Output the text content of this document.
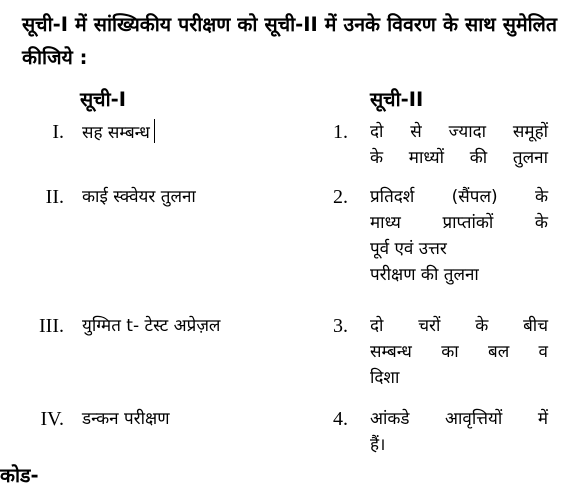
सूची-I में सांख्यिकीय परीक्षण को सूची-II में उनके विवरण के साथ सुमेलित कीजिये :
सूची-I	सूची-II
I. सह सम्बन्ध	1. दो से ज्यादा समूहों
के माध्यों की तुलना
II. काई स्क्वेयर तुलना	2. प्रतिदर्श (सैंपल) के
माध्य प्राप्तांकों के
पूर्व एवं उत्तर
परीक्षण की तुलना
III. युग्मित t- टेस्ट अप्रेज़ल	3. दो चरों के बीच
सम्बन्ध का बल व
दिशा
IV. डन्कन परीक्षण	4. आंकडे आवृत्तियों में
हैं।
कोड-
